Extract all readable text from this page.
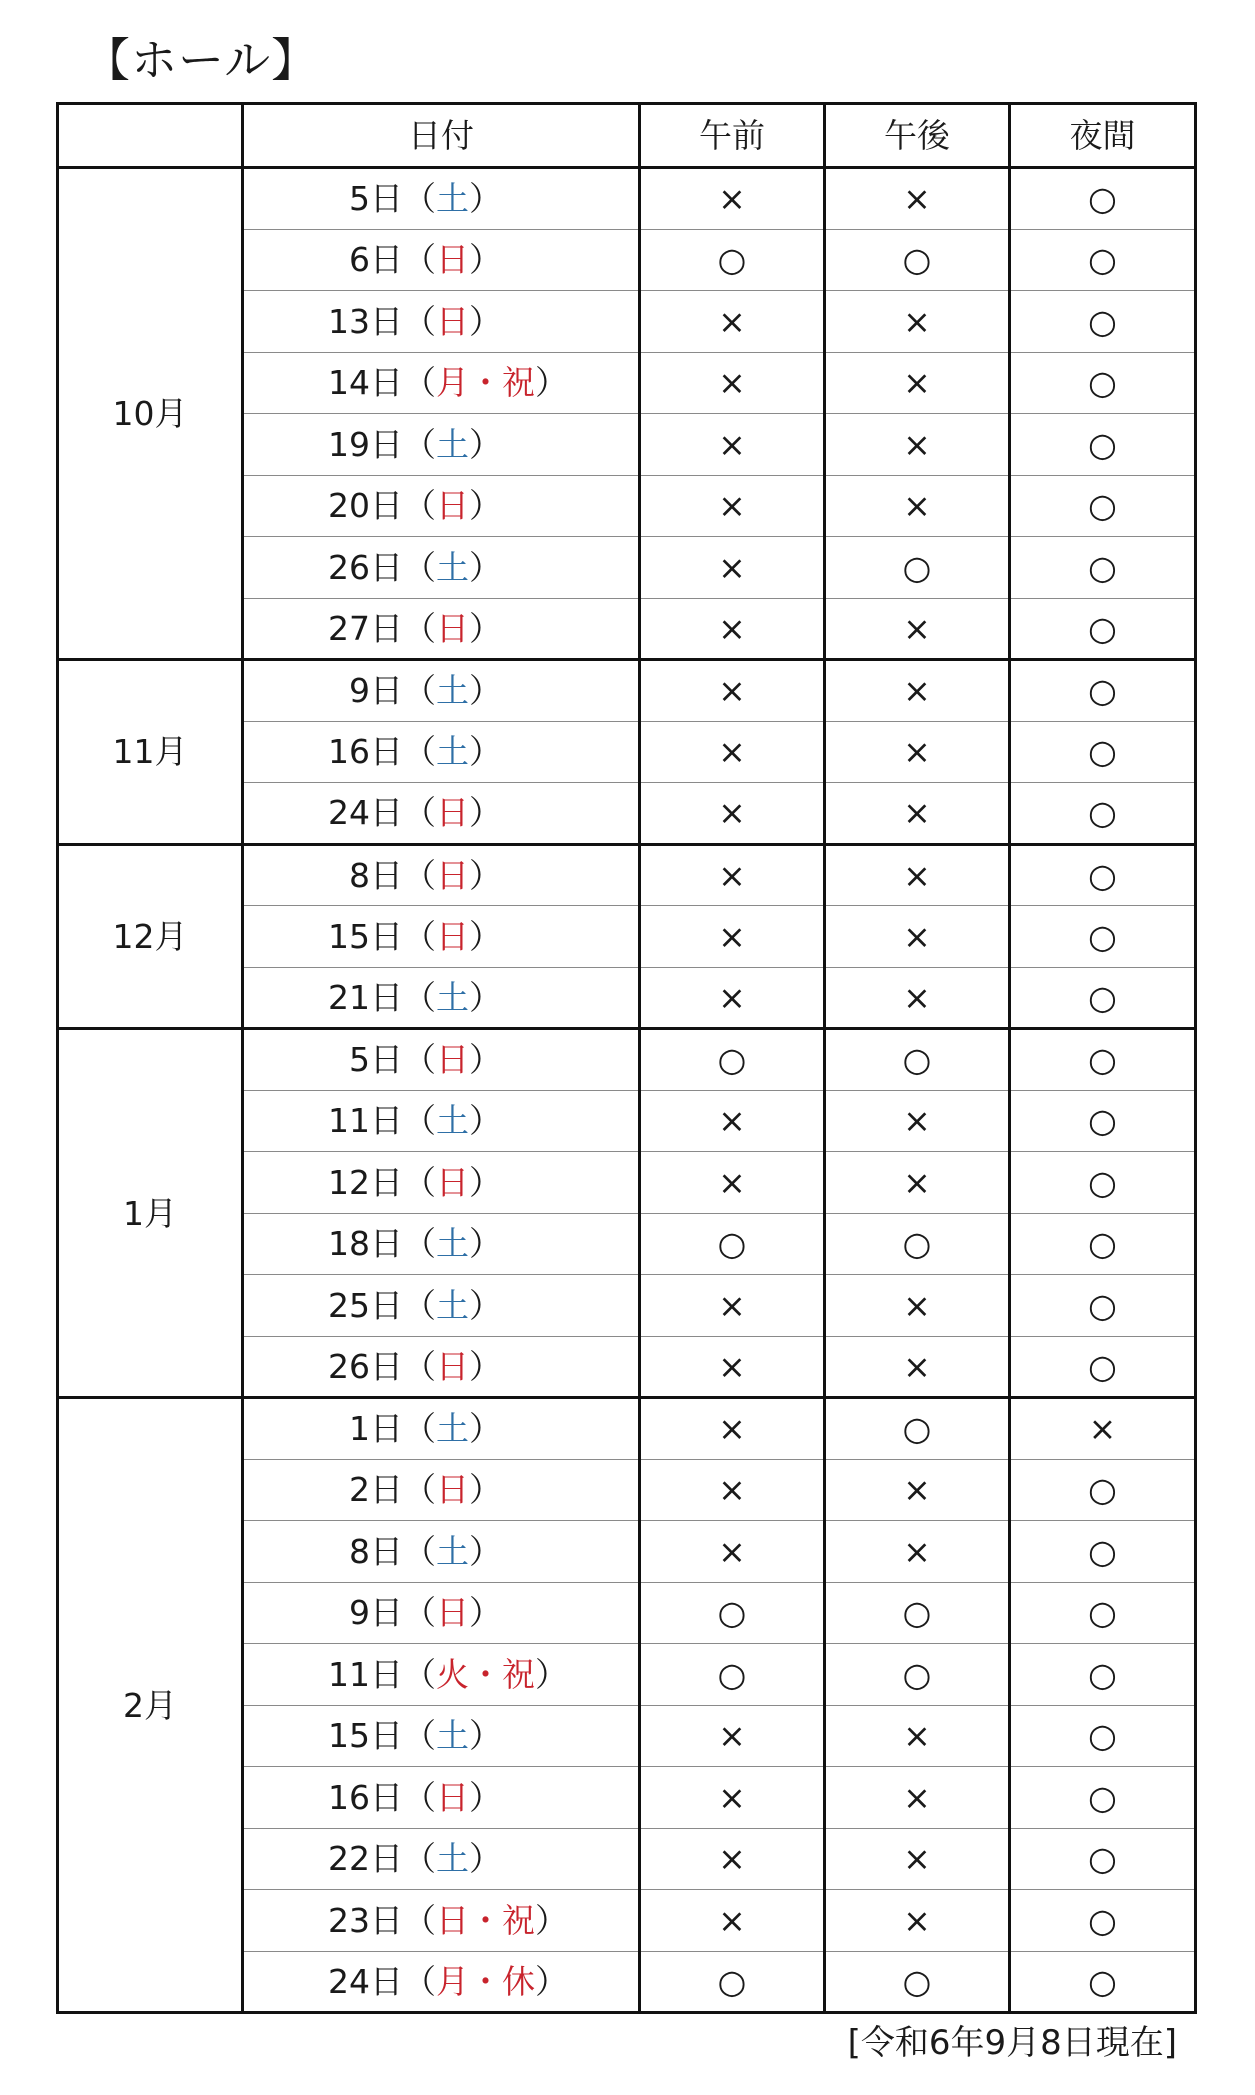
【ホール】
	日付	午前	午後	夜間
10月	5日（土）	×	×	○
	6日（日）	○	○	○
	13日（日）	×	×	○
	14日（月・祝）	×	×	○
	19日（土）	×	×	○
	20日（日）	×	×	○
	26日（土）	×	○	○
	27日（日）	×	×	○
11月	9日（土）	×	×	○
	16日（土）	×	×	○
	24日（日）	×	×	○
12月	8日（日）	×	×	○
	15日（日）	×	×	○
	21日（土）	×	×	○
1月	5日（日）	○	○	○
	11日（土）	×	×	○
	12日（日）	×	×	○
	18日（土）	○	○	○
	25日（土）	×	×	○
	26日（日）	×	×	○
2月	1日（土）	×	○	×
	2日（日）	×	×	○
	8日（土）	×	×	○
	9日（日）	○	○	○
	11日（火・祝）	○	○	○
	15日（土）	×	×	○
	16日（日）	×	×	○
	22日（土）	×	×	○
	23日（日・祝）	×	×	○
	24日（月・休）	○	○	○
[令和6年9月8日現在]
